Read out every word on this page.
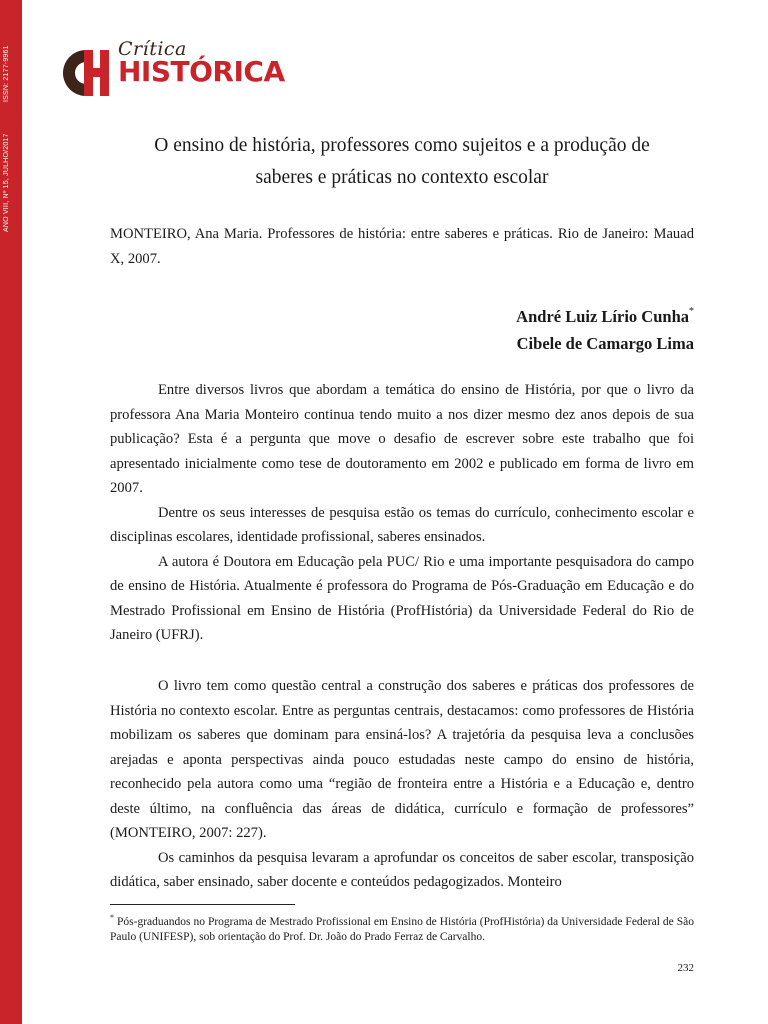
ISSN: 2177-9961
ANO VIII, Nº 15, JULHO/2017
Crítica
HISTÓRICA
O ensino de história, professores como sujeitos e a produção de
saberes e práticas no contexto escolar
MONTEIRO, Ana Maria. Professores de história: entre saberes e práticas. Rio de Janeiro: Mauad X, 2007.
André Luiz Lírio Cunha*
Cibele de Camargo Lima

Entre diversos livros que abordam a temática do ensino de História, por que o livro da professora Ana Maria Monteiro continua tendo muito a nos dizer mesmo dez anos depois de sua publicação? Esta é a pergunta que move o desafio de escrever sobre este trabalho que foi apresentado inicialmente como tese de doutoramento em 2002 e publicado em forma de livro em 2007.

Dentre os seus interesses de pesquisa estão os temas do currículo, conhecimento escolar e disciplinas escolares, identidade profissional, saberes ensinados.

A autora é Doutora em Educação pela PUC/ Rio e uma importante pesquisadora do campo de ensino de História. Atualmente é professora do Programa de Pós-Graduação em Educação e do Mestrado Profissional em Ensino de História (ProfHistória) da Universidade Federal do Rio de Janeiro (UFRJ).

O livro tem como questão central a construção dos saberes e práticas dos professores de História no contexto escolar. Entre as perguntas centrais, destacamos: como professores de História mobilizam os saberes que dominam para ensiná-los? A trajetória da pesquisa leva a conclusões arejadas e aponta perspectivas ainda pouco estudadas neste campo do ensino de história, reconhecido pela autora como uma “região de fronteira entre a História e a Educação e, dentro deste último, na confluência das áreas de didática, currículo e formação de professores” (MONTEIRO, 2007: 227).

Os caminhos da pesquisa levaram a aprofundar os conceitos de saber escolar, transposição didática, saber ensinado, saber docente e conteúdos pedagogizados. Monteiro

* Pós-graduandos no Programa de Mestrado Profissional em Ensino de História (ProfHistória) da Universidade Federal de São Paulo (UNIFESP), sob orientação do Prof. Dr. João do Prado Ferraz de Carvalho.
232
